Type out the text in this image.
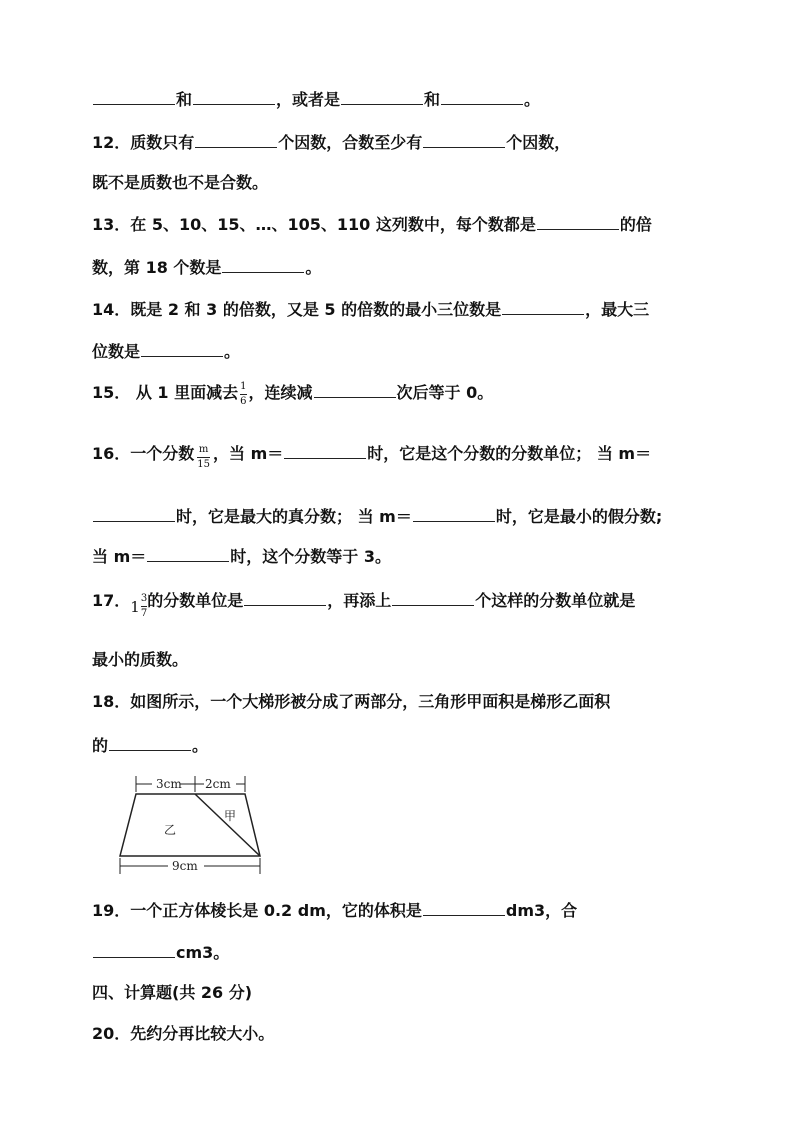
和	，或者是	和	。
12．质数只有	个因数，合数至少有	个因数，
既不是质数也不是合数。
13．在 5、10、15、…、105、110 这列数中，每个数都是	的倍
数，第 18 个数是	。
14．既是 2 和 3 的倍数，又是 5 的倍数的最小三位数是	，最大三
位数是	。
15． 从 1 里面减去 $\frac{1}{6}$ ，连续减	次后等于 0。
16．一个分数 $\frac{m}{15}$ ，当 m＝	时，它是这个分数的分数单位； 当 m＝
时，它是最大的真分数； 当 m＝	时，它是最小的假分数;
当 m＝	时，这个分数等于 3。
17．$1 \frac{3}{7}$ 的分数单位是	，再添上	个这样的分数单位就是
最小的质数。
18．如图所示，一个大梯形被分成了两部分，三角形甲面积是梯形乙面积
的	。
3cm 2cm
乙
甲
9cm
19．一个正方体棱长是 0.2 dm，它的体积是	dm3，合
cm3。
四、计算题(共 26 分)
20．先约分再比较大小。
